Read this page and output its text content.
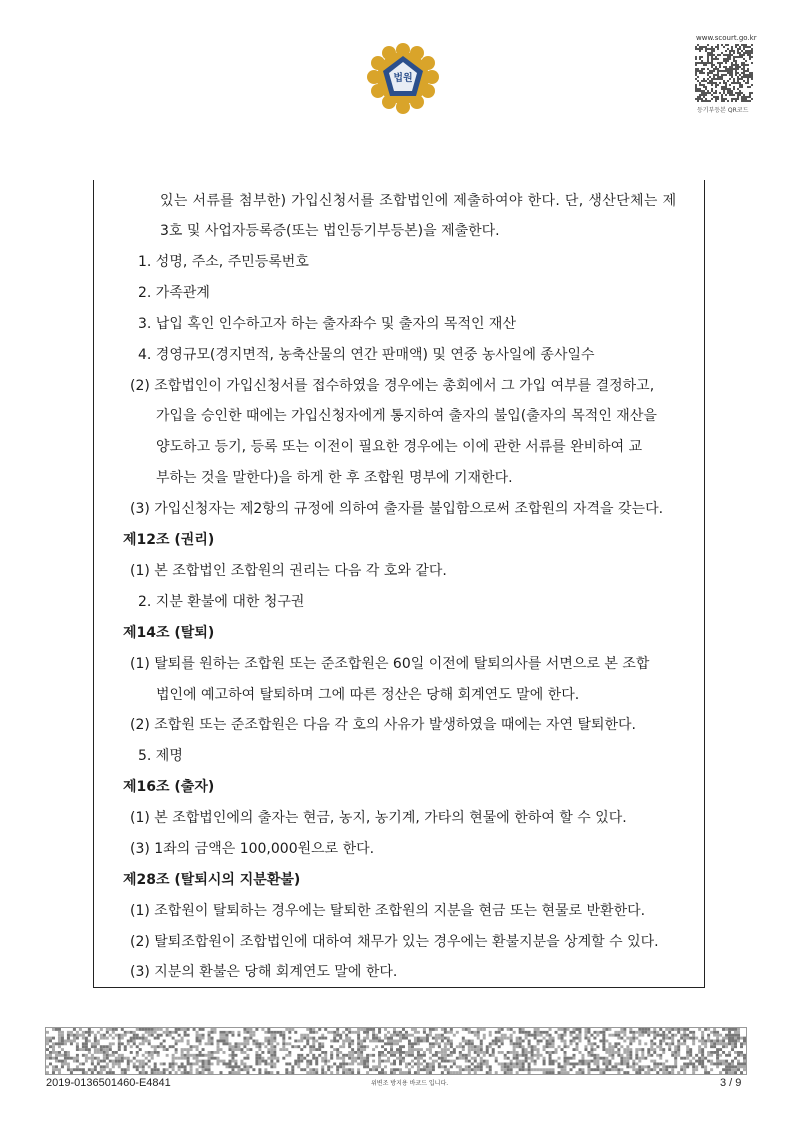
법원
www.scourt.go.kr
등기부등본 QR코드
있는 서류를 첨부한) 가입신청서를 조합법인에 제출하여야 한다. 단, 생산단체는 제
3호 및 사업자등록증(또는 법인등기부등본)을 제출한다.
1. 성명, 주소, 주민등록번호
2. 가족관계
3. 납입 혹인 인수하고자 하는 출자좌수 및 출자의 목적인 재산
4. 경영규모(경지면적, 농축산물의 연간 판매액) 및 연중 농사일에 종사일수
(2) 조합법인이 가입신청서를 접수하였을 경우에는 총회에서 그 가입 여부를 결정하고,
가입을 승인한 때에는 가입신청자에게 통지하여 출자의 불입(출자의 목적인 재산을
양도하고 등기, 등록 또는 이전이 필요한 경우에는 이에 관한 서류를 완비하여 교
부하는 것을 말한다)을 하게 한 후 조합원 명부에 기재한다.
(3) 가입신청자는 제2항의 규정에 의하여 출자를 불입함으로써 조합원의 자격을 갖는다.
제12조 (권리)
(1) 본 조합법인 조합원의 권리는 다음 각 호와 같다.
2. 지분 환불에 대한 청구권
제14조 (탈퇴)
(1) 탈퇴를 원하는 조합원 또는 준조합원은 60일 이전에 탈퇴의사를 서면으로 본 조합
법인에 예고하여 탈퇴하며 그에 따른 정산은 당해 회계연도 말에 한다.
(2) 조합원 또는 준조합원은 다음 각 호의 사유가 발생하였을 때에는 자연 탈퇴한다.
5. 제명
제16조 (출자)
(1) 본 조합법인에의 출자는 현금, 농지, 농기계, 가타의 현물에 한하여 할 수 있다.
(3) 1좌의 금액은 100,000원으로 한다.
제28조 (탈퇴시의 지분환불)
(1) 조합원이 탈퇴하는 경우에는 탈퇴한 조합원의 지분을 현금 또는 현물로 반환한다.
(2) 탈퇴조합원이 조합법인에 대하여 채무가 있는 경우에는 환불지분을 상계할 수 있다.
(3) 지분의 환불은 당해 회계연도 말에 한다.
2019-0136501460-E4841	위변조 방지용 바코드 입니다.	3 / 9
